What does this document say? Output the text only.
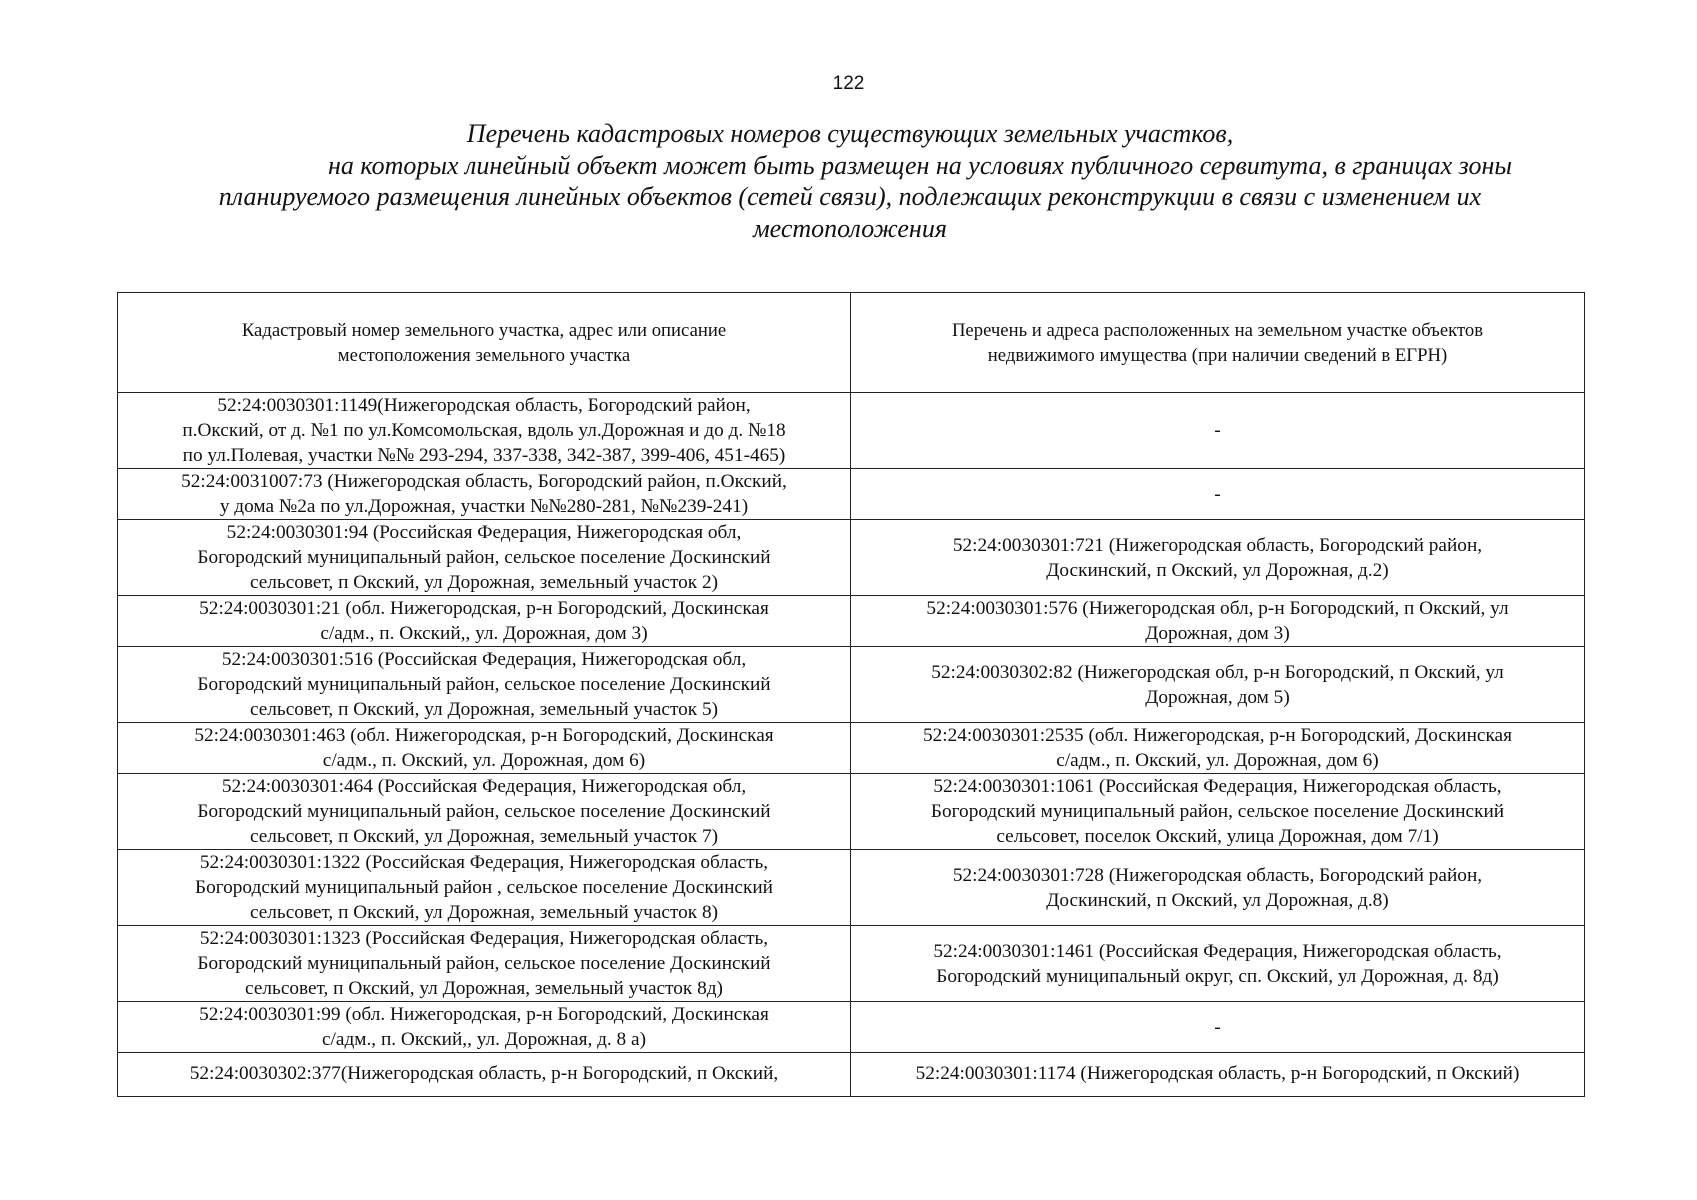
122
Перечень кадастровых номеров существующих земельных участков,
на которых линейный объект может быть размещен на условиях публичного сервитута, в границах зоны
планируемого размещения линейных объектов (сетей связи), подлежащих реконструкции в связи с изменением их
местоположения
Кадастровый номер земельного участка, адрес или описание
местоположения земельного участка	Перечень и адреса расположенных на земельном участке объектов
недвижимого имущества (при наличии сведений в ЕГРН)

52:24:0030301:1149(Нижегородская область, Богородский район,
п.Окский, от д. №1 по ул.Комсомольская, вдоль ул.Дорожная и до д. №18
по ул.Полевая, участки №№ 293-294, 337-338, 342-387, 399-406, 451-465)	-

52:24:0031007:73 (Нижегородская область, Богородский район, п.Окский,
у дома №2а по ул.Дорожная, участки №№280-281, №№239-241)	-

52:24:0030301:94 (Российская Федерация, Нижегородская обл,
Богородский муниципальный район, сельское поселение Доскинский
сельсовет, п Окский, ул Дорожная, земельный участок 2)	52:24:0030301:721 (Нижегородская область, Богородский район,
Доскинский, п Окский, ул Дорожная, д.2)

52:24:0030301:21 (обл. Нижегородская, р-н Богородский, Доскинская
с/адм., п. Окский,, ул. Дорожная, дом 3)	52:24:0030301:576 (Нижегородская обл, р-н Богородский, п Окский, ул
Дорожная, дом 3)

52:24:0030301:516 (Российская Федерация, Нижегородская обл,
Богородский муниципальный район, сельское поселение Доскинский
сельсовет, п Окский, ул Дорожная, земельный участок 5)	52:24:0030302:82 (Нижегородская обл, р-н Богородский, п Окский, ул
Дорожная, дом 5)

52:24:0030301:463 (обл. Нижегородская, р-н Богородский, Доскинская
с/адм., п. Окский, ул. Дорожная, дом 6)	52:24:0030301:2535 (обл. Нижегородская, р-н Богородский, Доскинская
с/адм., п. Окский, ул. Дорожная, дом 6)

52:24:0030301:464 (Российская Федерация, Нижегородская обл,
Богородский муниципальный район, сельское поселение Доскинский
сельсовет, п Окский, ул Дорожная, земельный участок 7)	52:24:0030301:1061 (Российская Федерация, Нижегородская область,
Богородский муниципальный район, сельское поселение Доскинский
сельсовет, поселок Окский, улица Дорожная, дом 7/1)

52:24:0030301:1322 (Российская Федерация, Нижегородская область,
Богородский муниципальный район , сельское поселение Доскинский
сельсовет, п Окский, ул Дорожная, земельный участок 8)	52:24:0030301:728 (Нижегородская область, Богородский район,
Доскинский, п Окский, ул Дорожная, д.8)

52:24:0030301:1323 (Российская Федерация, Нижегородская область,
Богородский муниципальный район, сельское поселение Доскинский
сельсовет, п Окский, ул Дорожная, земельный участок 8д)	52:24:0030301:1461 (Российская Федерация, Нижегородская область,
Богородский муниципальный округ, сп. Окский, ул Дорожная, д. 8д)

52:24:0030301:99 (обл. Нижегородская, р-н Богородский, Доскинская
с/адм., п. Окский,, ул. Дорожная, д. 8 а)	-

52:24:0030302:377(Нижегородская область, р-н Богородский, п Окский,	52:24:0030301:1174 (Нижегородская область, р-н Богородский, п Окский)
